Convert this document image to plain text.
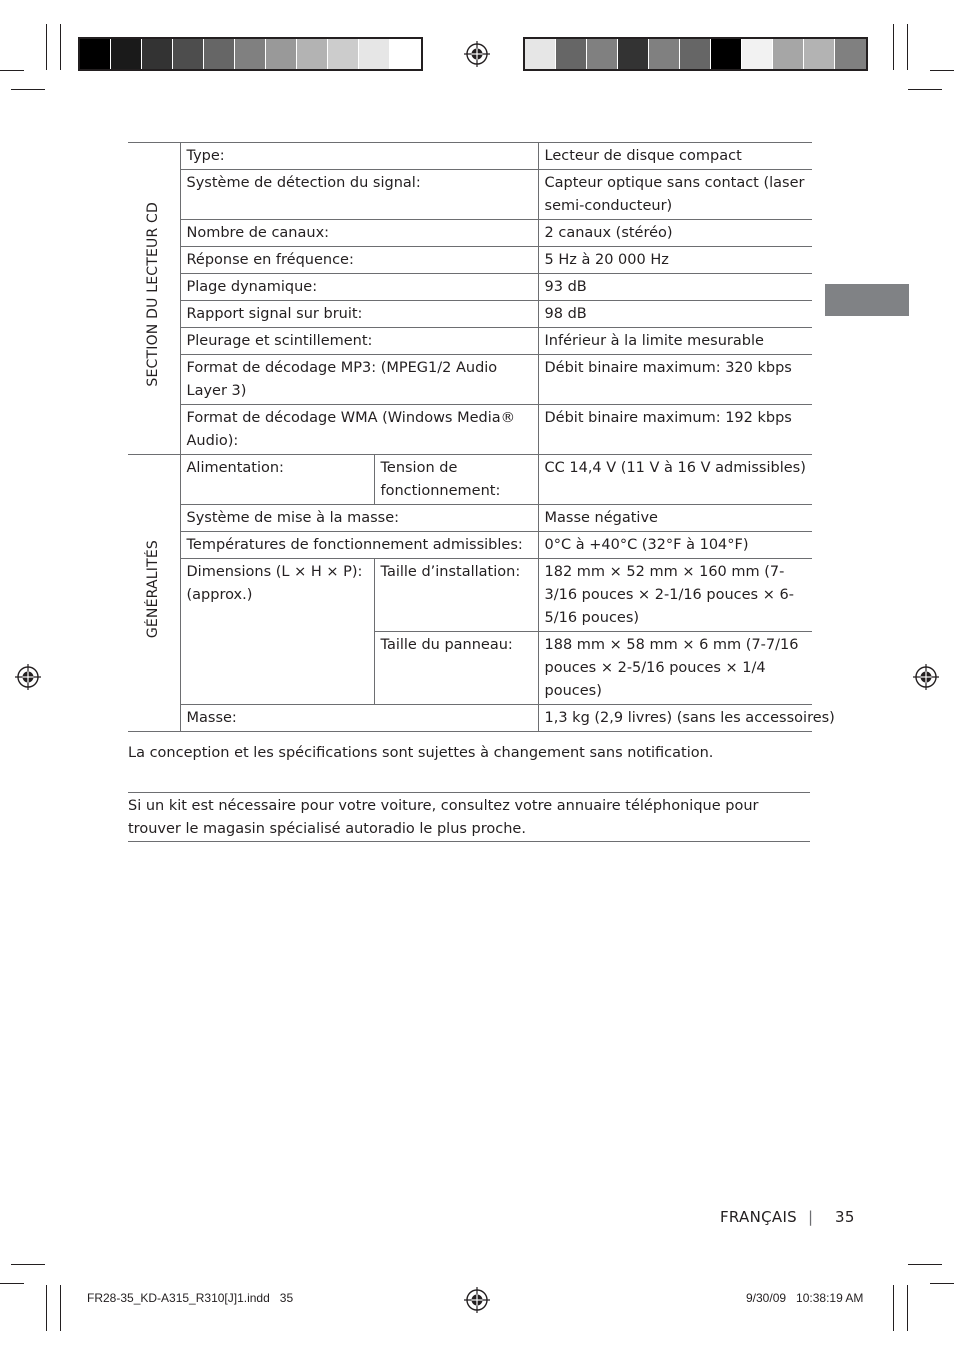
SECTION DU LECTEUR CD	Type:		Lecteur de disque compact
	Système de détection du signal:		Capteur optique sans contact (laser semi-conducteur)
	Nombre de canaux:		2 canaux (stéréo)
	Réponse en fréquence:		5 Hz à 20 000 Hz
	Plage dynamique:		93 dB
	Rapport signal sur bruit:		98 dB
	Pleurage et scintillement:		Inférieur à la limite mesurable
	Format de décodage MP3: (MPEG1/2 Audio Layer 3)		Débit binaire maximum: 320 kbps
	Format de décodage WMA (Windows Media® Audio):		Débit binaire maximum: 192 kbps
GÉNÉRALITÉS	Alimentation:	Tension de fonctionnement:	CC 14,4 V (11 V à 16 V admissibles)
	Système de mise à la masse:		Masse négative
	Températures de fonctionnement admissibles:		0°C à +40°C (32°F à 104°F)
	Dimensions (L × H × P): (approx.)	Taille d’installation:	182 mm × 52 mm × 160 mm (7-3/16 pouces × 2-1/16 pouces × 6-5/16 pouces)
		Taille du panneau:	188 mm × 58 mm × 6 mm (7-7/16 pouces × 2-5/16 pouces × 1/4 pouces)
	Masse:		1,3 kg (2,9 livres) (sans les accessoires)
La conception et les spécifications sont sujettes à changement sans notification.
Si un kit est nécessaire pour votre voiture, consultez votre annuaire téléphonique pour trouver le magasin spécialisé autoradio le plus proche.
FRANÇAIS | 35
FR28-35_KD-A315_R310[J]1.indd   35	9/30/09   10:38:19 AM
